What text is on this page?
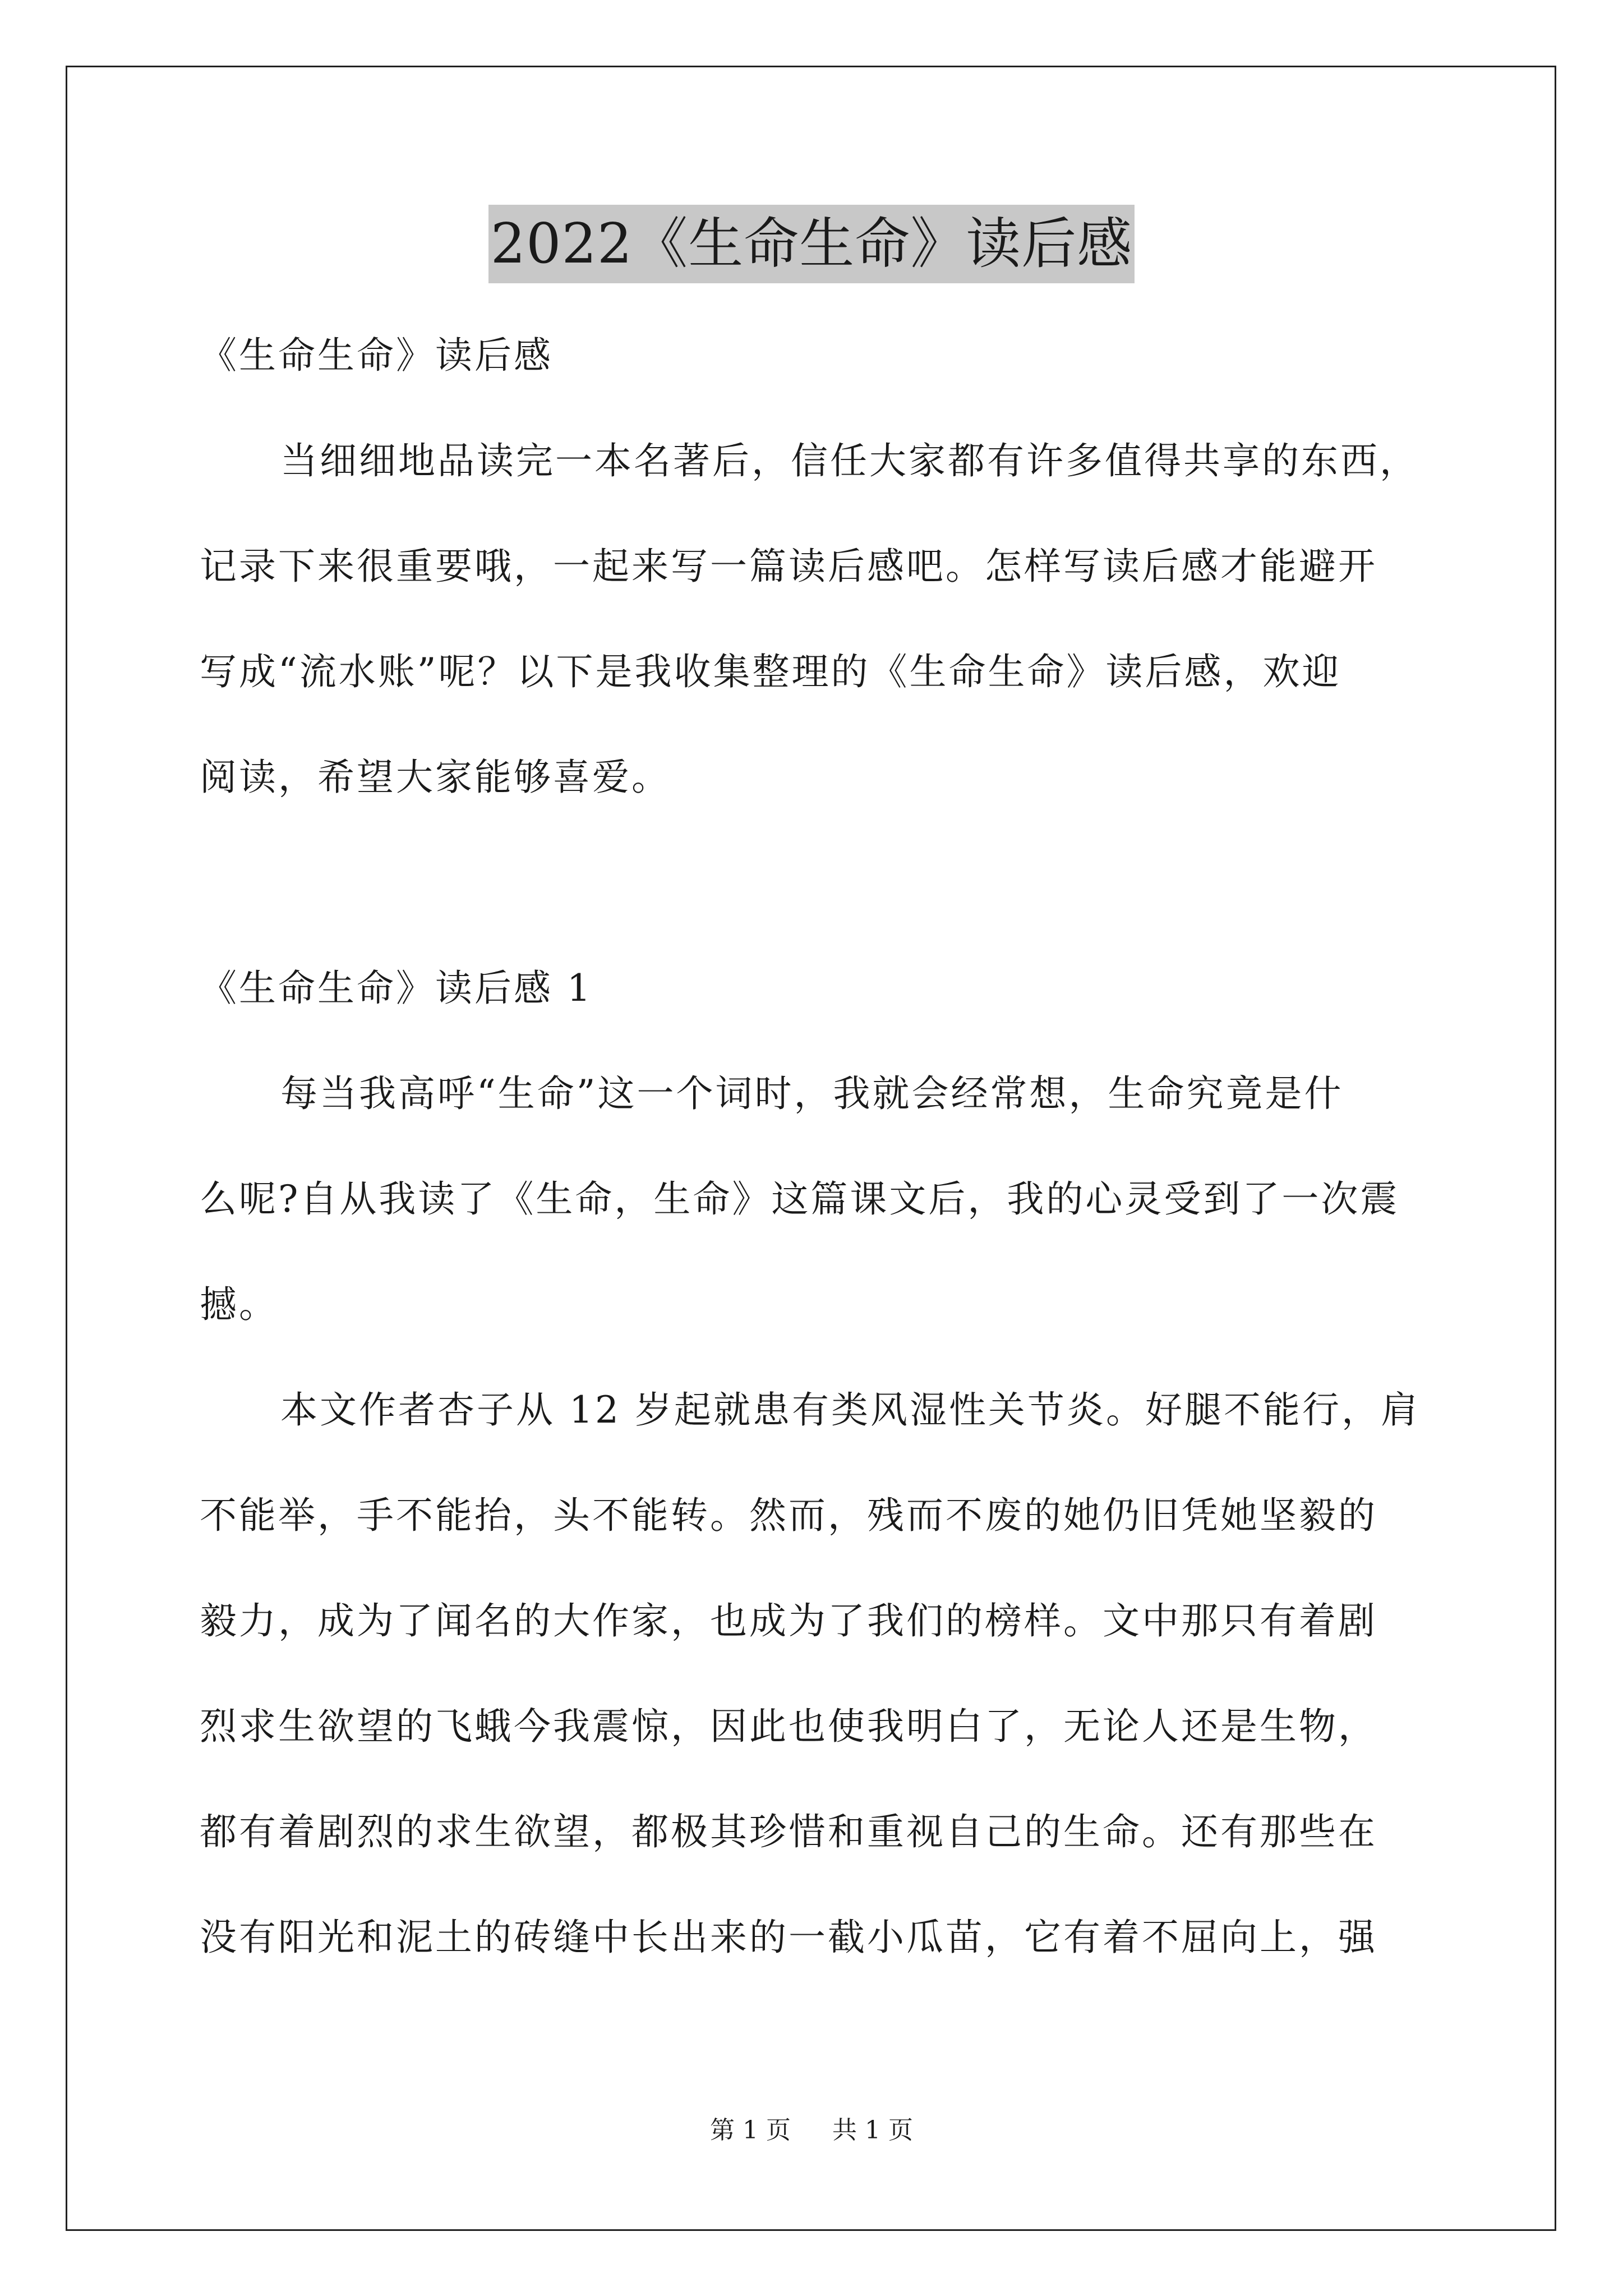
2022《生命生命》读后感
《生命生命》读后感
当细细地品读完一本名著后，信任大家都有许多值得共享的东西，
记录下来很重要哦，一起来写一篇读后感吧。怎样写读后感才能避开
写成“流水账”呢？以下是我收集整理的《生命生命》读后感，欢迎
阅读，希望大家能够喜爱。
《生命生命》读后感 1
每当我高呼“生命”这一个词时，我就会经常想，生命究竟是什
么呢?自从我读了《生命，生命》这篇课文后，我的心灵受到了一次震
撼。
本文作者杏子从 12 岁起就患有类风湿性关节炎。好腿不能行，肩
不能举，手不能抬，头不能转。然而，残而不废的她仍旧凭她坚毅的
毅力，成为了闻名的大作家，也成为了我们的榜样。文中那只有着剧
烈求生欲望的飞蛾今我震惊，因此也使我明白了，无论人还是生物，
都有着剧烈的求生欲望，都极其珍惜和重视自己的生命。还有那些在
没有阳光和泥土的砖缝中长出来的一截小瓜苗，它有着不屈向上，强
第 1 页 共 1 页
